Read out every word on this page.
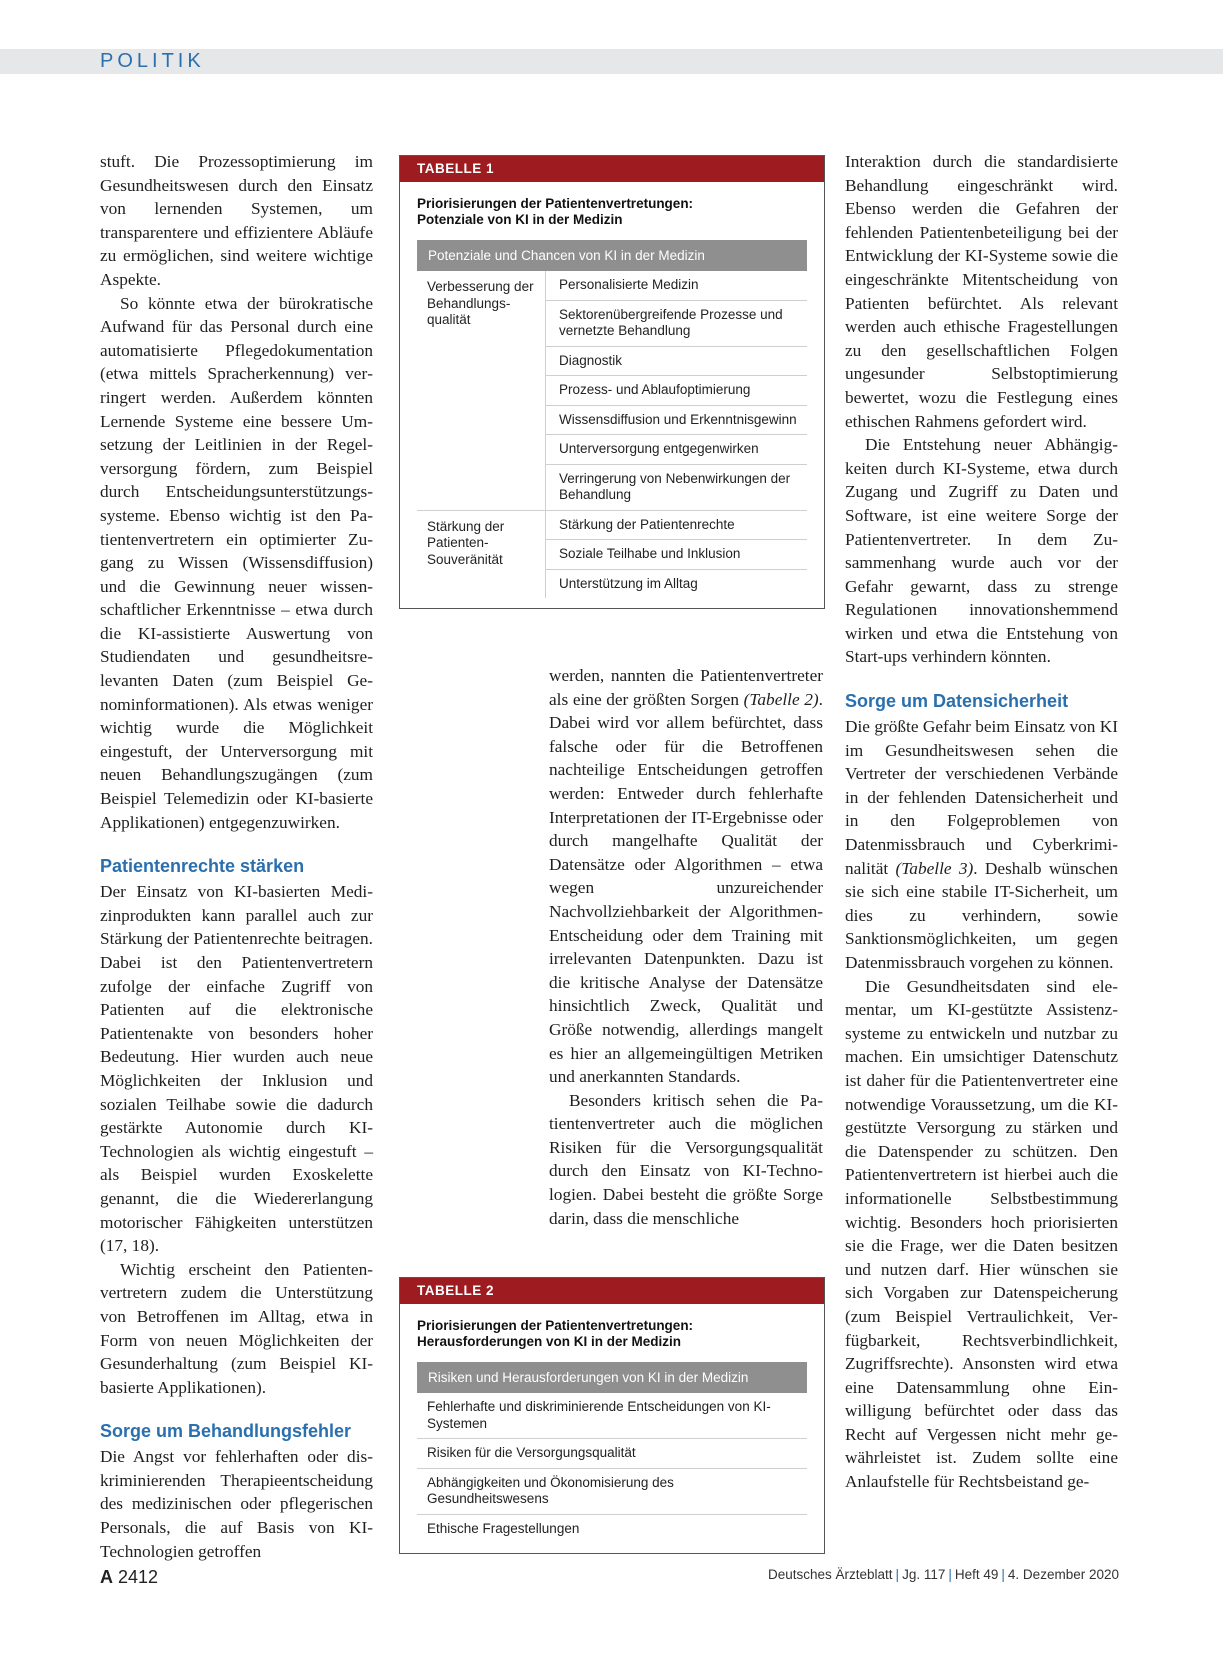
POLITIK

stuft. Die Prozessoptimierung im Gesundheitswesen durch den Einsatz von lernenden Systemen, um transparentere und effizientere Abläufe zu ermöglichen, sind weitere wichtige Aspekte.

So könnte etwa der bürokratische Aufwand für das Personal durch eine automatisierte Pflegedokumentation (etwa mittels Spracherkennung) verringert werden. Außerdem könnten Lernende Systeme eine bessere Umsetzung der Leitlinien in der Regelversorgung fördern, zum Beispiel durch Entscheidungsunterstützungssysteme. Ebenso wichtig ist den Patientenvertretern ein optimierter Zugang zu Wissen (Wissensdiffusion) und die Gewinnung neuer wissenschaftlicher Erkenntnisse – etwa durch die KI-assistierte Auswertung von Studiendaten und gesundheitsrelevanten Daten (zum Beispiel Genominformationen). Als etwas weniger wichtig wurde die Möglichkeit eingestuft, der Unterversorgung mit neuen Behandlungszugängen (zum Beispiel Telemedizin oder KI-basierte Applikationen) entgegenzuwirken.

Patientenrechte stärken

Der Einsatz von KI-basierten Medizinprodukten kann parallel auch zur Stärkung der Patientenrechte beitragen. Dabei ist den Patientenvertretern zufolge der einfache Zugriff von Patienten auf die elektronische Patientenakte von besonders hoher Bedeutung. Hier wurden auch neue Möglichkeiten der Inklusion und sozialen Teilhabe sowie die dadurch gestärkte Autonomie durch KI-Technologien als wichtig eingestuft – als Beispiel wurden Exoskelette genannt, die die Wiedererlangung motorischer Fähigkeiten unterstützen (17, 18).

Wichtig erscheint den Patientenvertretern zudem die Unterstützung von Betroffenen im Alltag, etwa in Form von neuen Möglichkeiten der Gesunderhaltung (zum Beispiel KI-basierte Applikationen).

Sorge um Behandlungsfehler

Die Angst vor fehlerhaften oder diskriminierenden Therapieentscheidung des medizinischen oder pflegerischen Personals, die auf Basis von KI-Technologien getroffen

TABELLE 1
Priorisierungen der Patientenvertretungen:
Potenziale von KI in der Medizin
Potenziale und Chancen von KI in der Medizin
Verbesserung der Behandlungsqualität
Personalisierte Medizin
Sektorenübergreifende Prozesse und vernetzte Behandlung
Diagnostik
Prozess- und Ablaufoptimierung
Wissensdiffusion und Erkenntnisgewinn
Unterversorgung entgegenwirken
Verringerung von Nebenwirkungen der Behandlung
Stärkung der Patienten-Souveränität
Stärkung der Patientenrechte
Soziale Teilhabe und Inklusion
Unterstützung im Alltag

werden, nannten die Patientenvertreter als eine der größten Sorgen (Tabelle 2). Dabei wird vor allem befürchtet, dass falsche oder für die Betroffenen nachteilige Entscheidungen getroffen werden: Entweder durch fehlerhafte Interpretationen der IT-Ergebnisse oder durch mangelhafte Qualität der Datensätze oder Algorithmen – etwa wegen unzureichender Nachvollziehbarkeit der Algorithmen-Entscheidung oder dem Training mit irrelevanten Datenpunkten. Dazu ist die kritische Analyse der Datensätze hinsichtlich Zweck, Qualität und Größe notwendig, allerdings mangelt es hier an allgemeingültigen Metriken und anerkannten Standards.

Besonders kritisch sehen die Patientenvertreter auch die möglichen Risiken für die Versorgungsqualität durch den Einsatz von KI-Technologien. Dabei besteht die größte Sorge darin, dass die menschliche

TABELLE 2
Priorisierungen der Patientenvertretungen:
Herausforderungen von KI in der Medizin
Risiken und Herausforderungen von KI in der Medizin
Fehlerhafte und diskriminierende Entscheidungen von KI-Systemen
Risiken für die Versorgungsqualität
Abhängigkeiten und Ökonomisierung des Gesundheitswesens
Ethische Fragestellungen

Interaktion durch die standardisierte Behandlung eingeschränkt wird. Ebenso werden die Gefahren der fehlenden Patientenbeteiligung bei der Entwicklung der KI-Systeme sowie die eingeschränkte Mitentscheidung von Patienten befürchtet. Als relevant werden auch ethische Fragestellungen zu den gesellschaftlichen Folgen ungesunder Selbstoptimierung bewertet, wozu die Festlegung eines ethischen Rahmens gefordert wird.

Die Entstehung neuer Abhängigkeiten durch KI-Systeme, etwa durch Zugang und Zugriff zu Daten und Software, ist eine weitere Sorge der Patientenvertreter. In dem Zusammenhang wurde auch vor der Gefahr gewarnt, dass zu strenge Regulationen innovationshemmend wirken und etwa die Entstehung von Start-ups verhindern könnten.

Sorge um Datensicherheit

Die größte Gefahr beim Einsatz von KI im Gesundheitswesen sehen die Vertreter der verschiedenen Verbände in der fehlenden Datensicherheit und in den Folgeproblemen von Datenmissbrauch und Cyberkriminalität (Tabelle 3). Deshalb wünschen sie sich eine stabile IT-Sicherheit, um dies zu verhindern, sowie Sanktionsmöglichkeiten, um gegen Datenmissbrauch vorgehen zu können.

Die Gesundheitsdaten sind elementar, um KI-gestützte Assistenzsysteme zu entwickeln und nutzbar zu machen. Ein umsichtiger Datenschutz ist daher für die Patientenvertreter eine notwendige Voraussetzung, um die KI-gestützte Versorgung zu stärken und die Datenspender zu schützen. Den Patientenvertretern ist hierbei auch die informationelle Selbstbestimmung wichtig. Besonders hoch priorisierten sie die Frage, wer die Daten besitzen und nutzen darf. Hier wünschen sie sich Vorgaben zur Datenspeicherung (zum Beispiel Vertraulichkeit, Verfügbarkeit, Rechtsverbindlichkeit, Zugriffsrechte). Ansonsten wird etwa eine Datensammlung ohne Einwilligung befürchtet oder dass das Recht auf Vergessen nicht mehr gewährleistet ist. Zudem sollte eine Anlaufstelle für Rechtsbeistand ge-

A 2412	Deutsches Ärzteblatt | Jg. 117 | Heft 49 | 4. Dezember 2020
